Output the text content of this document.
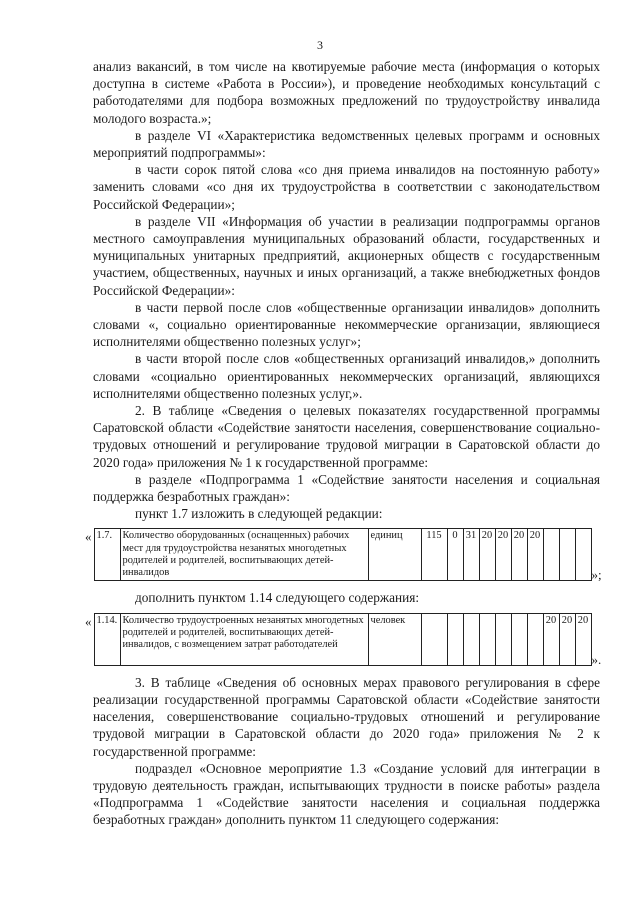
3

анализ вакансий, в том числе на квотируемые рабочие места (информация о которых доступна в системе «Работа в России»), и проведение необходимых консультаций с работодателями для подбора возможных предложений по трудоустройству инвалида молодого возраста.»;

в разделе VI «Характеристика ведомственных целевых программ и основных мероприятий подпрограммы»:

в части сорок пятой слова «со дня приема инвалидов на постоянную работу» заменить словами «со дня их трудоустройства в соответствии с законодательством Российской Федерации»;

в разделе VII «Информация об участии в реализации подпрограммы органов местного самоуправления муниципальных образований области, государственных и муниципальных унитарных предприятий, акционерных обществ с государственным участием, общественных, научных и иных организаций, а также внебюджетных фондов Российской Федерации»:

в части первой после слов «общественные организации инвалидов» дополнить словами «, социально ориентированные некоммерческие организации, являющиеся исполнителями общественно полезных услуг»;

в части второй после слов «общественных организаций инвалидов,» дополнить словами «социально ориентированных некоммерческих организаций, являющихся исполнителями общественно полезных услуг,».

2. В таблице «Сведения о целевых показателях государственной программы Саратовской области «Содействие занятости населения, совершенствование социально-трудовых отношений и регулирование трудовой миграции в Саратовской области до 2020 года» приложения № 1 к государственной программе:

в разделе «Подпрограмма 1 «Содействие занятости населения и социальная поддержка безработных граждан»:

пункт 1.7 изложить в следующей редакции:

« 1.7.	Количество оборудованных (оснащенных) рабочих мест для трудоустройства незанятых многодетных родителей и родителей, воспитывающих детей-инвалидов	единиц	115	0	31	20	20	20	20			
»;

дополнить пунктом 1.14 следующего содержания:

« 1.14.	Количество трудоустроенных незанятых многодетных родителей и родителей, воспитывающих детей-инвалидов, с возмещением затрат работодателей	человек								20	20	20
».

3. В таблице «Сведения об основных мерах правового регулирования в сфере реализации государственной программы Саратовской области «Содействие занятости населения, совершенствование социально-трудовых отношений и регулирование трудовой миграции в Саратовской области до 2020 года» приложения № 2 к государственной программе:

подраздел «Основное мероприятие 1.3 «Создание условий для интеграции в трудовую деятельность граждан, испытывающих трудности в поиске работы» раздела «Подпрограмма 1 «Содействие занятости населения и социальная поддержка безработных граждан» дополнить пунктом 11 следующего содержания:
